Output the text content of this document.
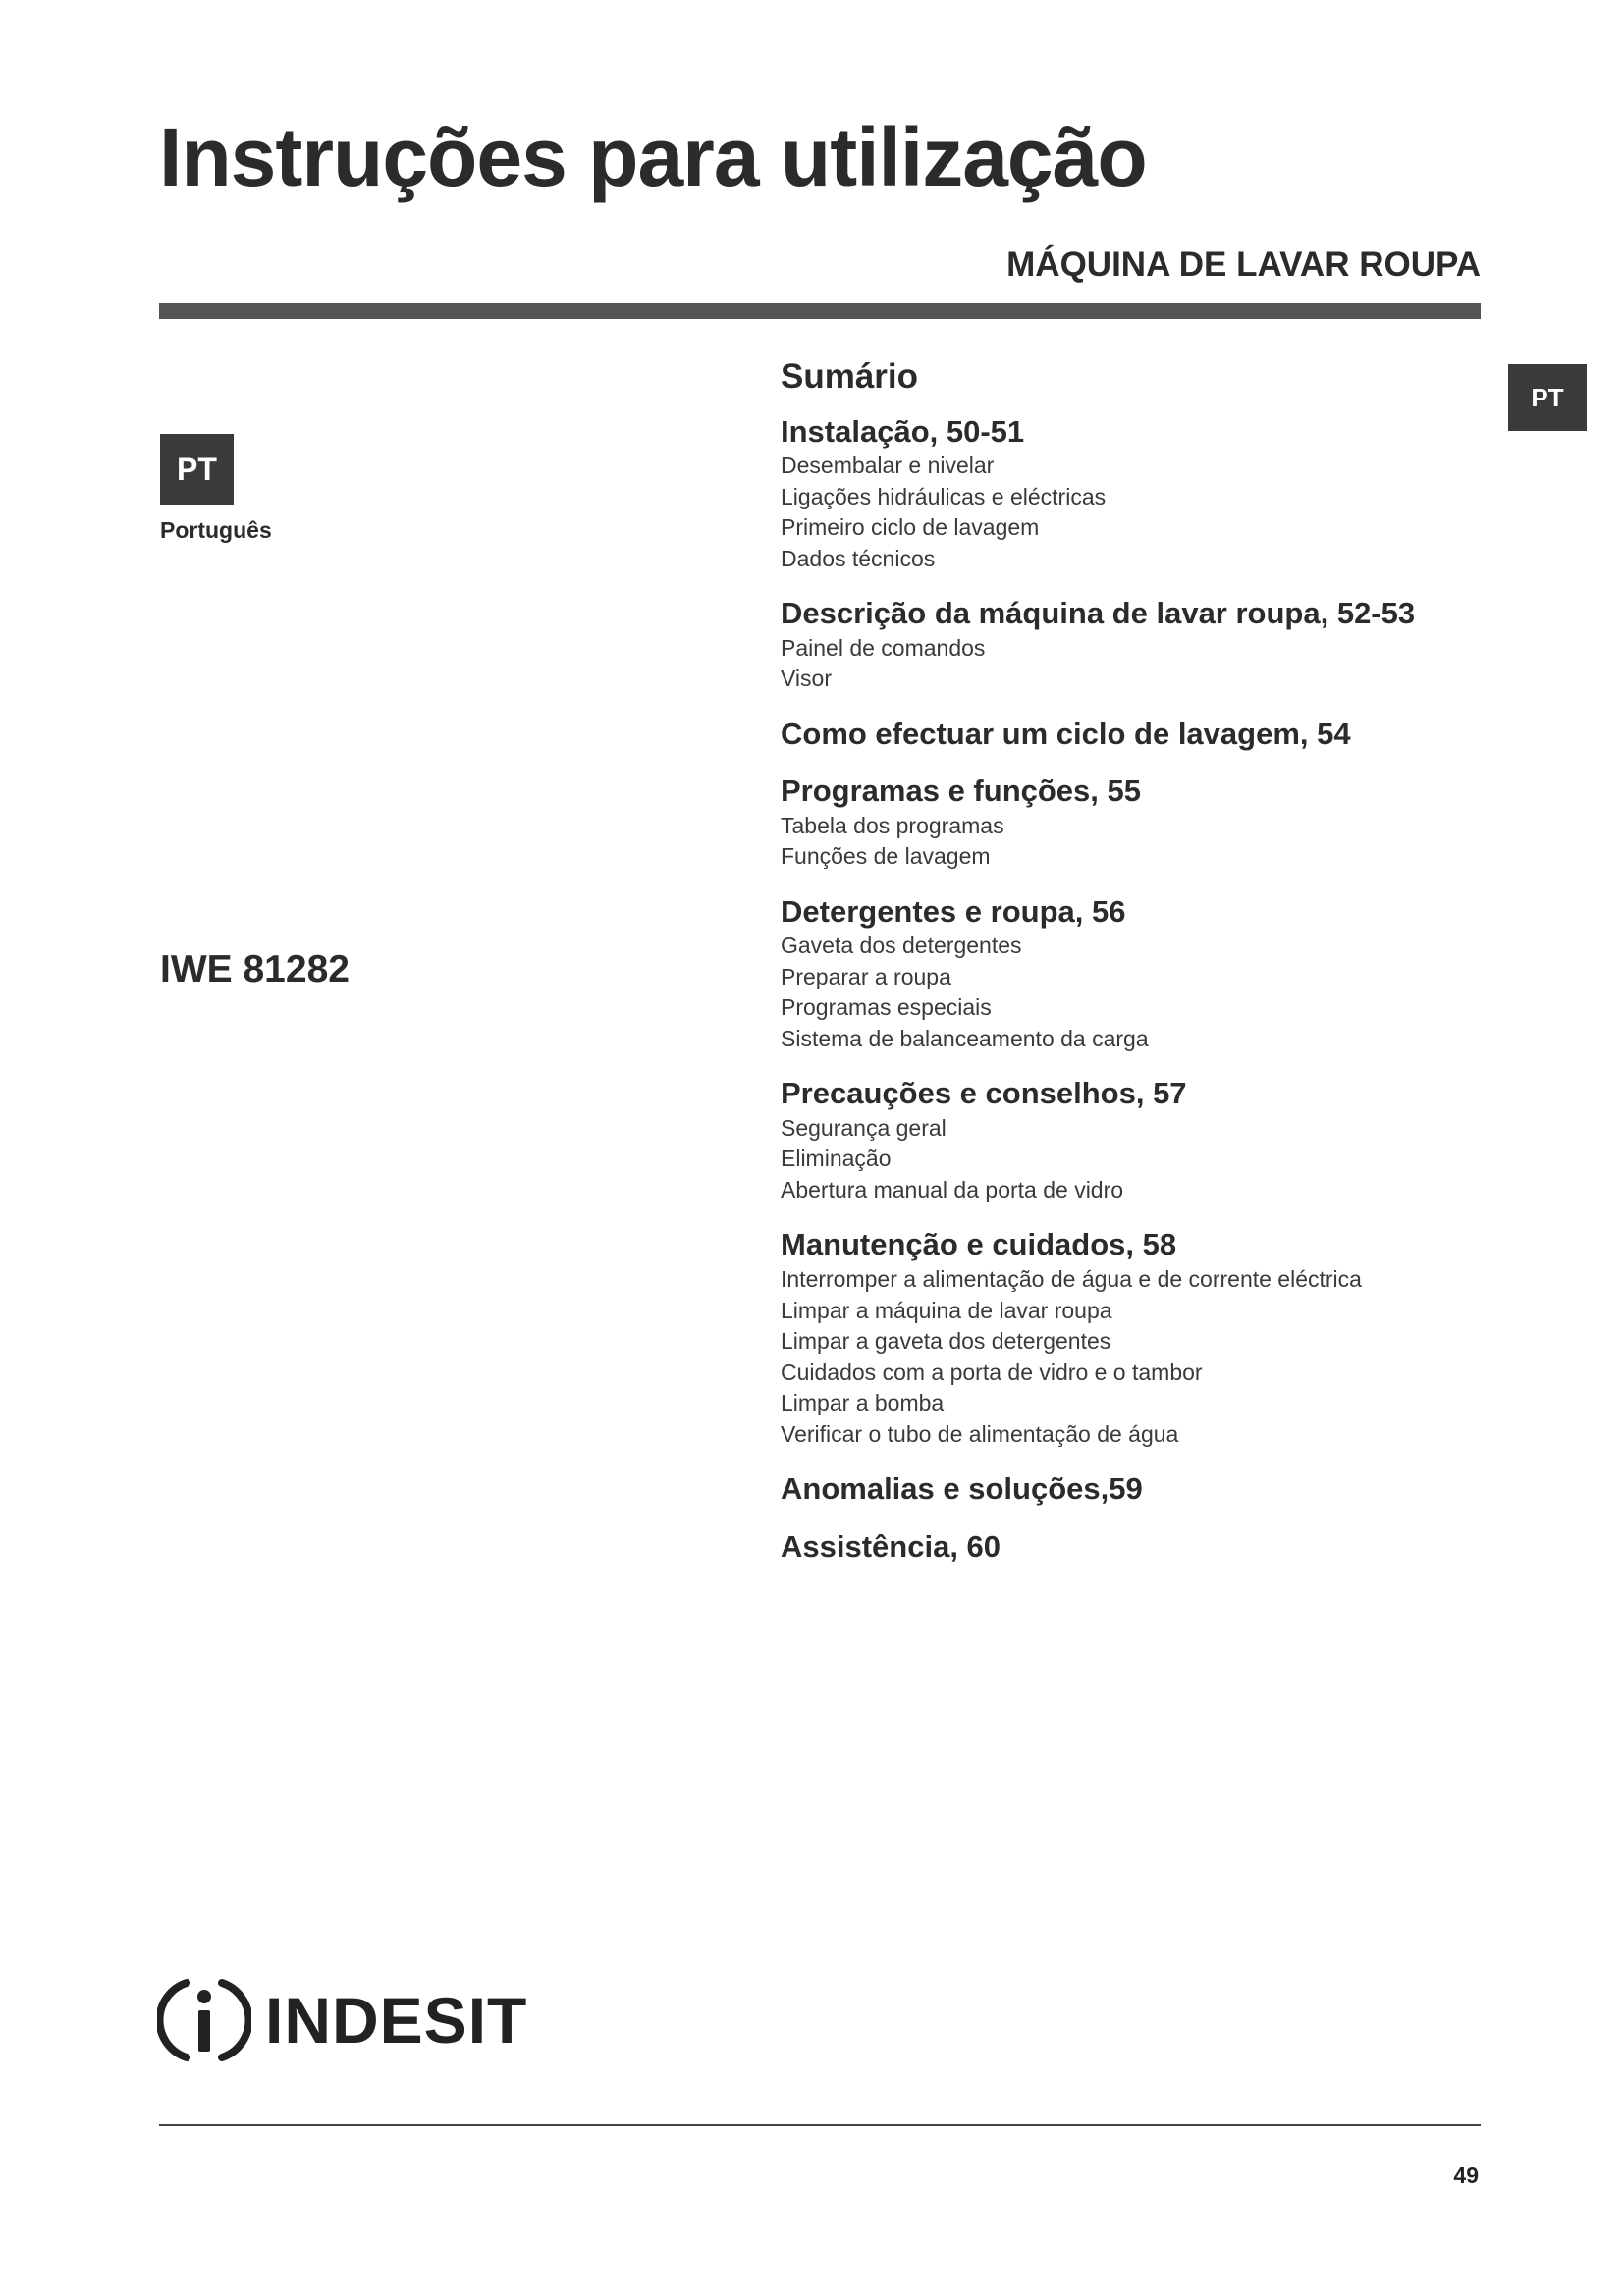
Instruções para utilização
MÁQUINA DE LAVAR ROUPA
PT
Português
PT
IWE 81282
Sumário
Instalação, 50-51
Desembalar e nivelar
Ligações hidráulicas e eléctricas
Primeiro ciclo de lavagem
Dados técnicos
Descrição da máquina de lavar roupa, 52-53
Painel de comandos
Visor
Como efectuar um ciclo de lavagem, 54
Programas e funções, 55
Tabela dos programas
Funções de lavagem
Detergentes e roupa, 56
Gaveta dos detergentes
Preparar a roupa
Programas especiais
Sistema de balanceamento da carga
Precauções e conselhos, 57
Segurança geral
Eliminação
Abertura manual da porta de vidro
Manutenção e cuidados, 58
Interromper a alimentação de água e de corrente eléctrica
Limpar a máquina de lavar roupa
Limpar a gaveta dos detergentes
Cuidados com a porta de vidro e o tambor
Limpar a bomba
Verificar o tubo de alimentação de água
Anomalias e soluções,59
Assistência, 60
INDESIT
49
